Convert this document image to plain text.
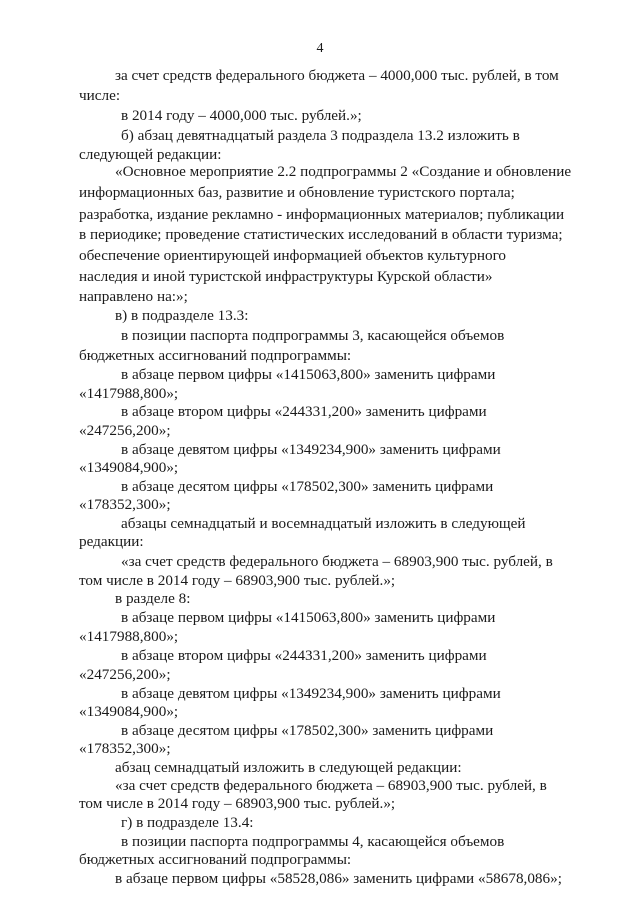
4
за счет средств федерального бюджета – 4000,000 тыс. рублей, в том
числе:
в 2014 году – 4000,000 тыс. рублей.»;
б) абзац девятнадцатый раздела 3 подраздела 13.2 изложить в
следующей редакции:
«Основное мероприятие 2.2 подпрограммы 2 «Создание и обновление
информационных баз, развитие и обновление туристского портала;
разработка, издание рекламно - информационных материалов; публикации
в периодике; проведение статистических исследований в области туризма;
обеспечение ориентирующей информацией объектов культурного
наследия и иной туристской инфраструктуры Курской области»
направлено на:»;
в) в подразделе 13.3:
в позиции паспорта подпрограммы 3, касающейся объемов
бюджетных ассигнований подпрограммы:
в абзаце первом цифры «1415063,800» заменить цифрами
«1417988,800»;
в абзаце втором цифры «244331,200» заменить цифрами
«247256,200»;
в абзаце девятом цифры «1349234,900» заменить цифрами
«1349084,900»;
в абзаце десятом цифры «178502,300» заменить цифрами
«178352,300»;
абзацы семнадцатый и восемнадцатый изложить в следующей
редакции:
«за счет средств федерального бюджета – 68903,900 тыс. рублей, в
том числе в 2014 году – 68903,900 тыс. рублей.»;
в разделе 8:
в абзаце первом цифры «1415063,800» заменить цифрами
«1417988,800»;
в абзаце втором цифры «244331,200» заменить цифрами
«247256,200»;
в абзаце девятом цифры «1349234,900» заменить цифрами
«1349084,900»;
в абзаце десятом цифры «178502,300» заменить цифрами
«178352,300»;
абзац семнадцатый изложить в следующей редакции:
«за счет средств федерального бюджета – 68903,900 тыс. рублей, в
том числе в 2014 году – 68903,900 тыс. рублей.»;
г) в подразделе 13.4:
в позиции паспорта подпрограммы 4, касающейся объемов
бюджетных ассигнований подпрограммы:
в абзаце первом цифры «58528,086» заменить цифрами «58678,086»;
